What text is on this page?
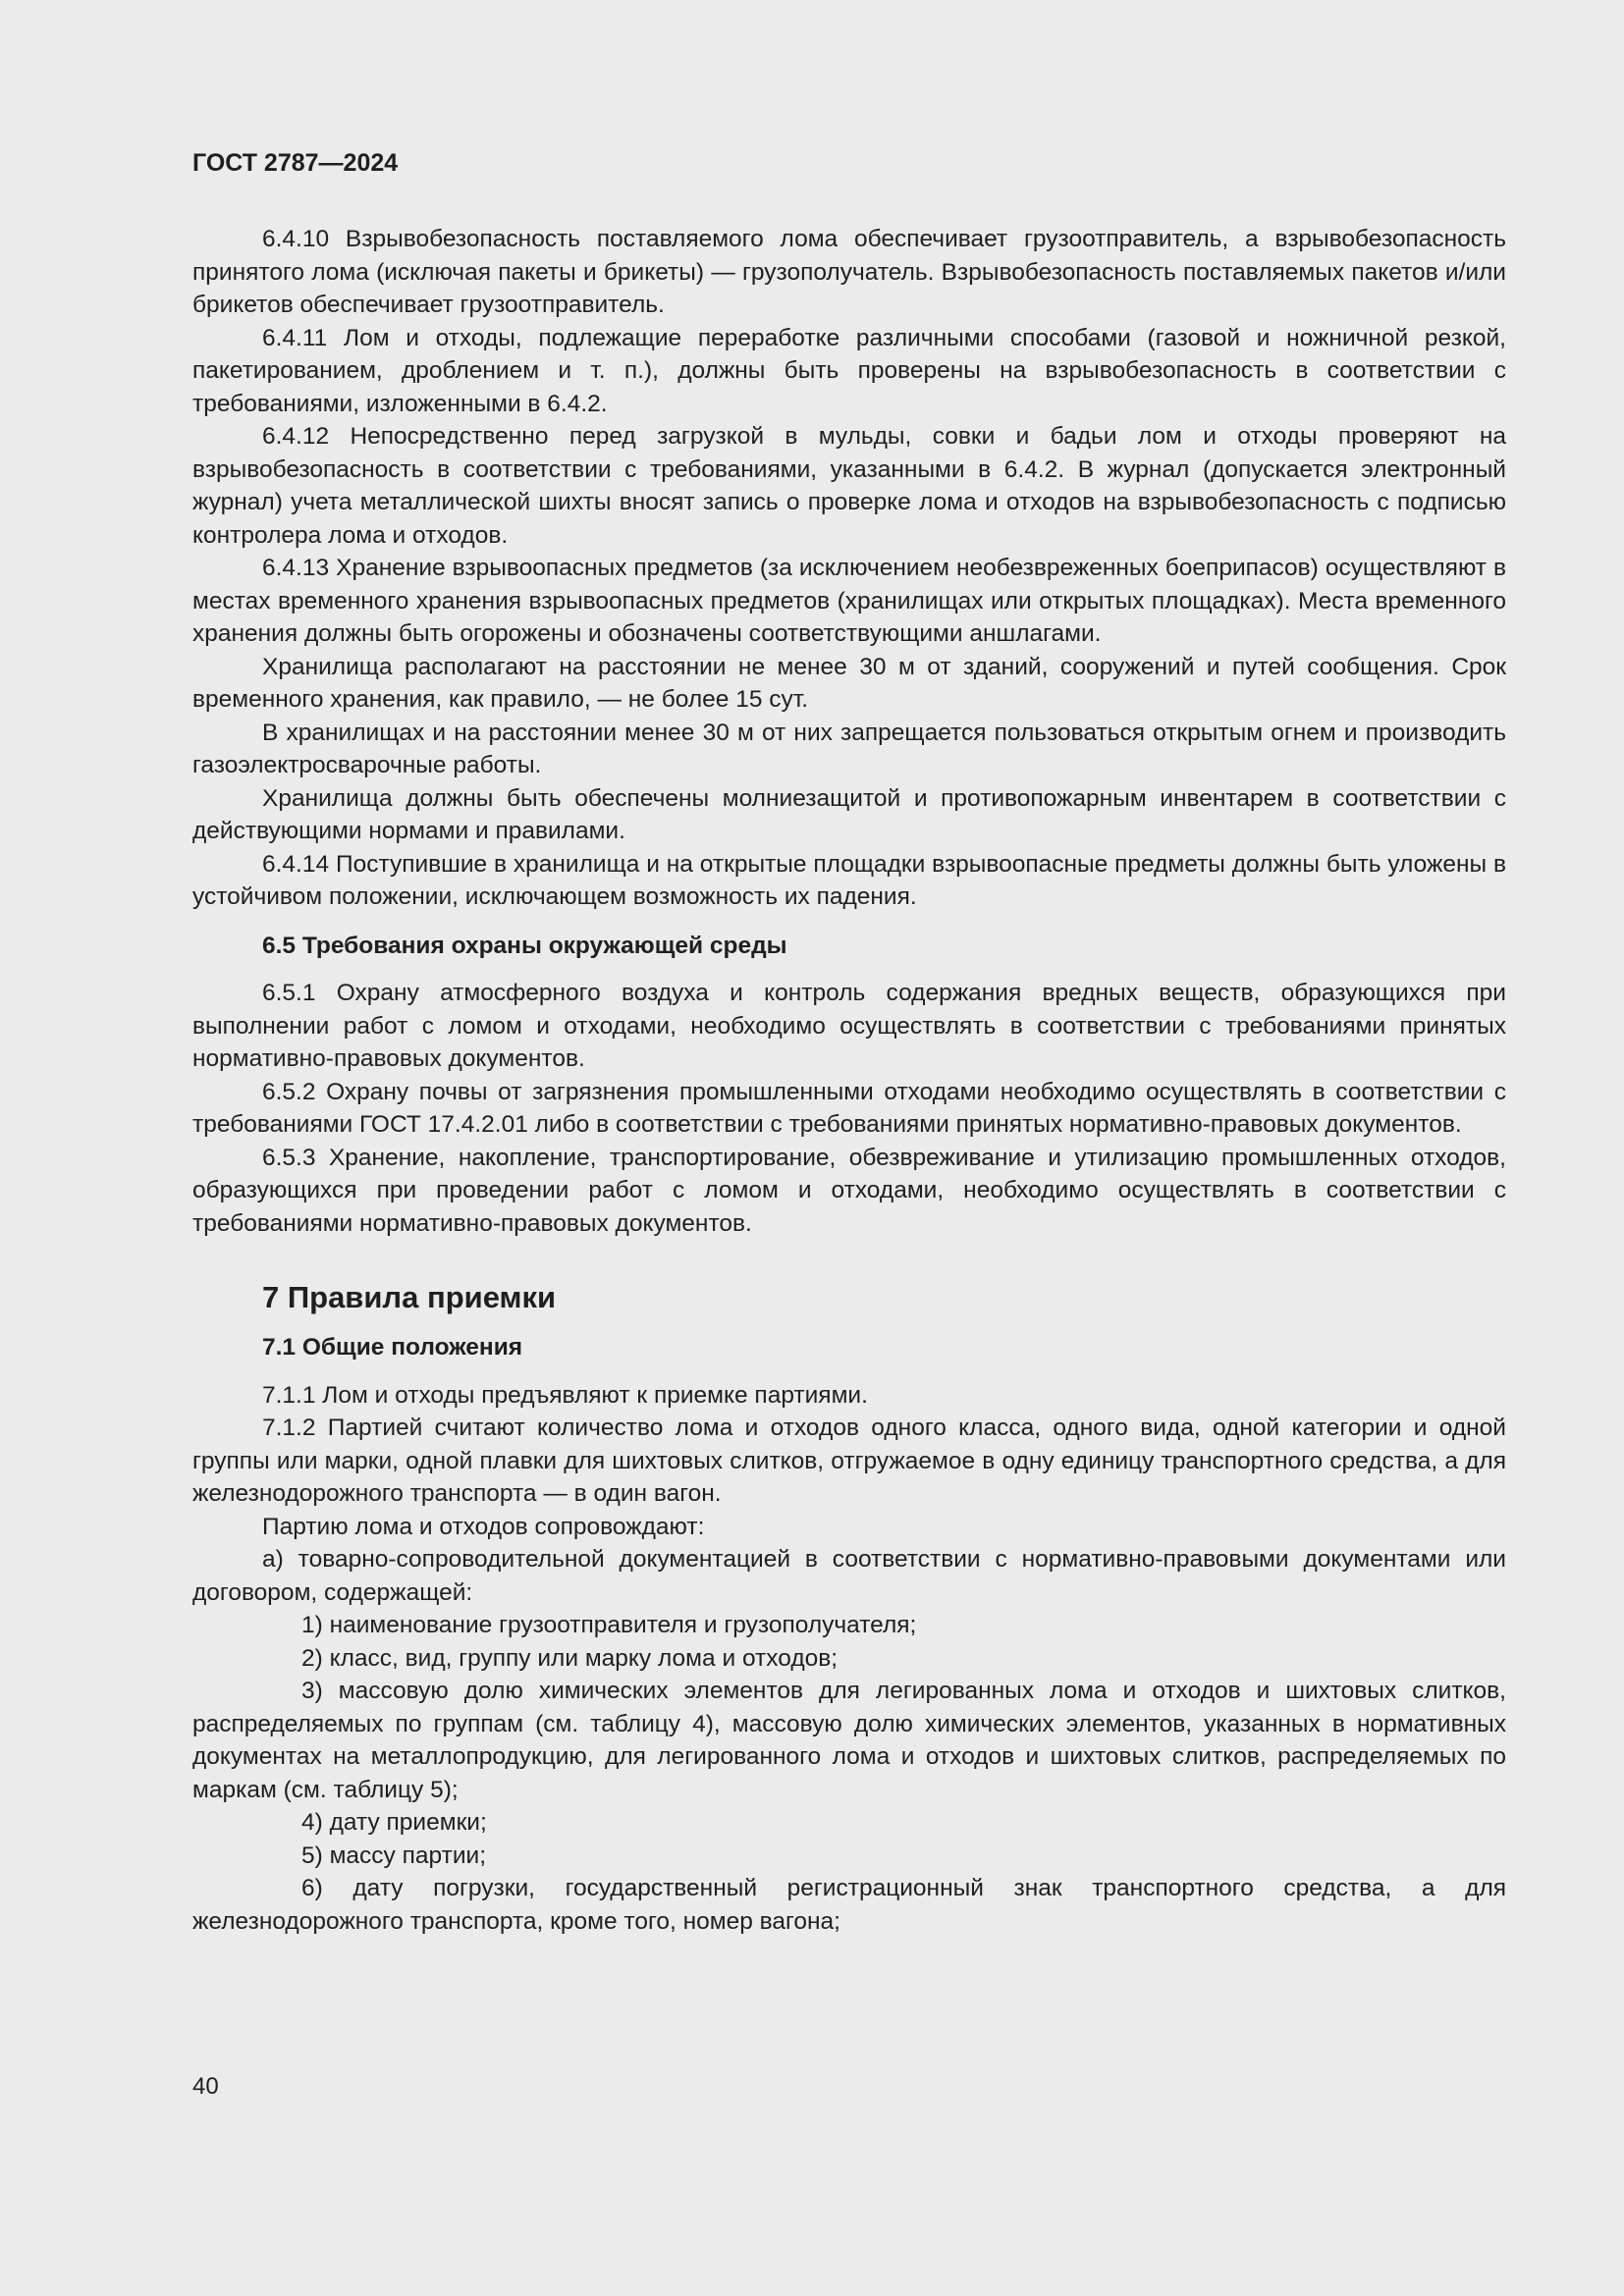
ГОСТ 2787—2024

6.4.10 Взрывобезопасность поставляемого лома обеспечивает грузоотправитель, а взрывобезопасность принятого лома (исключая пакеты и брикеты) — грузополучатель. Взрывобезопасность поставляемых пакетов и/или брикетов обеспечивает грузоотправитель.

6.4.11 Лом и отходы, подлежащие переработке различными способами (газовой и ножничной резкой, пакетированием, дроблением и т. п.), должны быть проверены на взрывобезопасность в соответствии с требованиями, изложенными в 6.4.2.

6.4.12 Непосредственно перед загрузкой в мульды, совки и бадьи лом и отходы проверяют на взрывобезопасность в соответствии с требованиями, указанными в 6.4.2. В журнал (допускается электронный журнал) учета металлической шихты вносят запись о проверке лома и отходов на взрывобезопасность с подписью контролера лома и отходов.

6.4.13 Хранение взрывоопасных предметов (за исключением необезвреженных боеприпасов) осуществляют в местах временного хранения взрывоопасных предметов (хранилищах или открытых площадках). Места временного хранения должны быть огорожены и обозначены соответствующими аншлагами.

Хранилища располагают на расстоянии не менее 30 м от зданий, сооружений и путей сообщения. Срок временного хранения, как правило, — не более 15 сут.

В хранилищах и на расстоянии менее 30 м от них запрещается пользоваться открытым огнем и производить газоэлектросварочные работы.

Хранилища должны быть обеспечены молниезащитой и противопожарным инвентарем в соответствии с действующими нормами и правилами.

6.4.14 Поступившие в хранилища и на открытые площадки взрывоопасные предметы должны быть уложены в устойчивом положении, исключающем возможность их падения.

6.5 Требования охраны окружающей среды

6.5.1 Охрану атмосферного воздуха и контроль содержания вредных веществ, образующихся при выполнении работ с ломом и отходами, необходимо осуществлять в соответствии с требованиями принятых нормативно-правовых документов.

6.5.2 Охрану почвы от загрязнения промышленными отходами необходимо осуществлять в соответствии с требованиями ГОСТ 17.4.2.01 либо в соответствии с требованиями принятых нормативно-правовых документов.

6.5.3 Хранение, накопление, транспортирование, обезвреживание и утилизацию промышленных отходов, образующихся при проведении работ с ломом и отходами, необходимо осуществлять в соответствии с требованиями нормативно-правовых документов.

7 Правила приемки

7.1 Общие положения

7.1.1 Лом и отходы предъявляют к приемке партиями.

7.1.2 Партией считают количество лома и отходов одного класса, одного вида, одной категории и одной группы или марки, одной плавки для шихтовых слитков, отгружаемое в одну единицу транспортного средства, а для железнодорожного транспорта — в один вагон.

Партию лома и отходов сопровождают:

а) товарно-сопроводительной документацией в соответствии с нормативно-правовыми документами или договором, содержащей:

1) наименование грузоотправителя и грузополучателя;

2) класс, вид, группу или марку лома и отходов;

3) массовую долю химических элементов для легированных лома и отходов и шихтовых слитков, распределяемых по группам (см. таблицу 4), массовую долю химических элементов, указанных в нормативных документах на металлопродукцию, для легированного лома и отходов и шихтовых слитков, распределяемых по маркам (см. таблицу 5);

4) дату приемки;

5) массу партии;

6) дату погрузки, государственный регистрационный знак транспортного средства, а для железнодорожного транспорта, кроме того, номер вагона;

40
